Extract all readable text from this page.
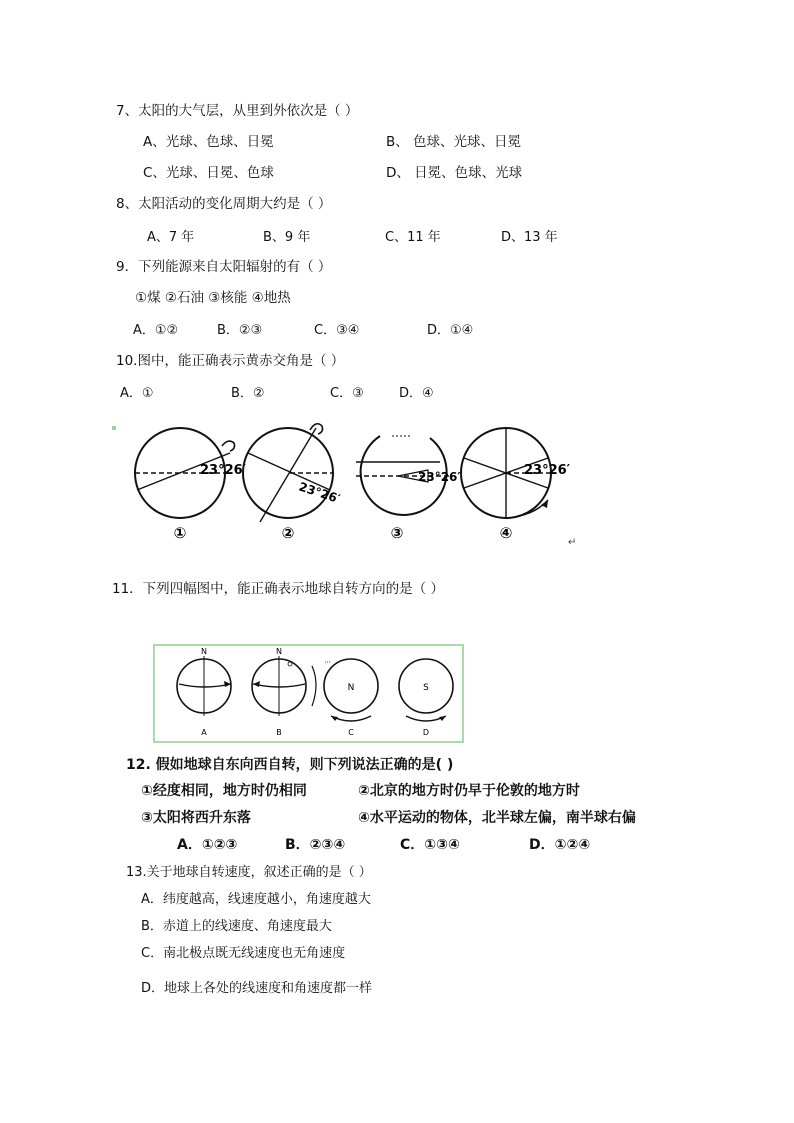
7、太阳的大气层，从里到外依次是（ ）
A、光球、色球、日冕	B、 色球、光球、日冕
C、光球、日冕、色球	D、 日冕、色球、光球
8、太阳活动的变化周期大约是（ ）
A、7 年	B、9 年	C、11 年	D、13 年
9．下列能源来自太阳辐射的有（ ）
①煤 ②石油 ③核能 ④地热
A．①②	B．②③	C．③④	D．①④
10.图中，能正确表示黄赤交角是（ ）
A．①	B．②	C．③	D．④
23°26′
①
23°26′
②
23°26′
③
23°26′
④
↵
11．下列四幅图中，能正确表示地球自转方向的是（ ）
N
A
N
B
N
C
S
D
12. 假如地球自东向西自转，则下列说法正确的是( )
①经度相同，地方时仍相同	②北京的地方时仍早于伦敦的地方时
③太阳将西升东落	④水平运动的物体，北半球左偏，南半球右偏
A．①②③	B．②③④	C．①③④	D．①②④
13.关于地球自转速度，叙述正确的是（ ）
A．纬度越高，线速度越小，角速度越大
B．赤道上的线速度、角速度最大
C．南北极点既无线速度也无角速度
D．地球上各处的线速度和角速度都一样
